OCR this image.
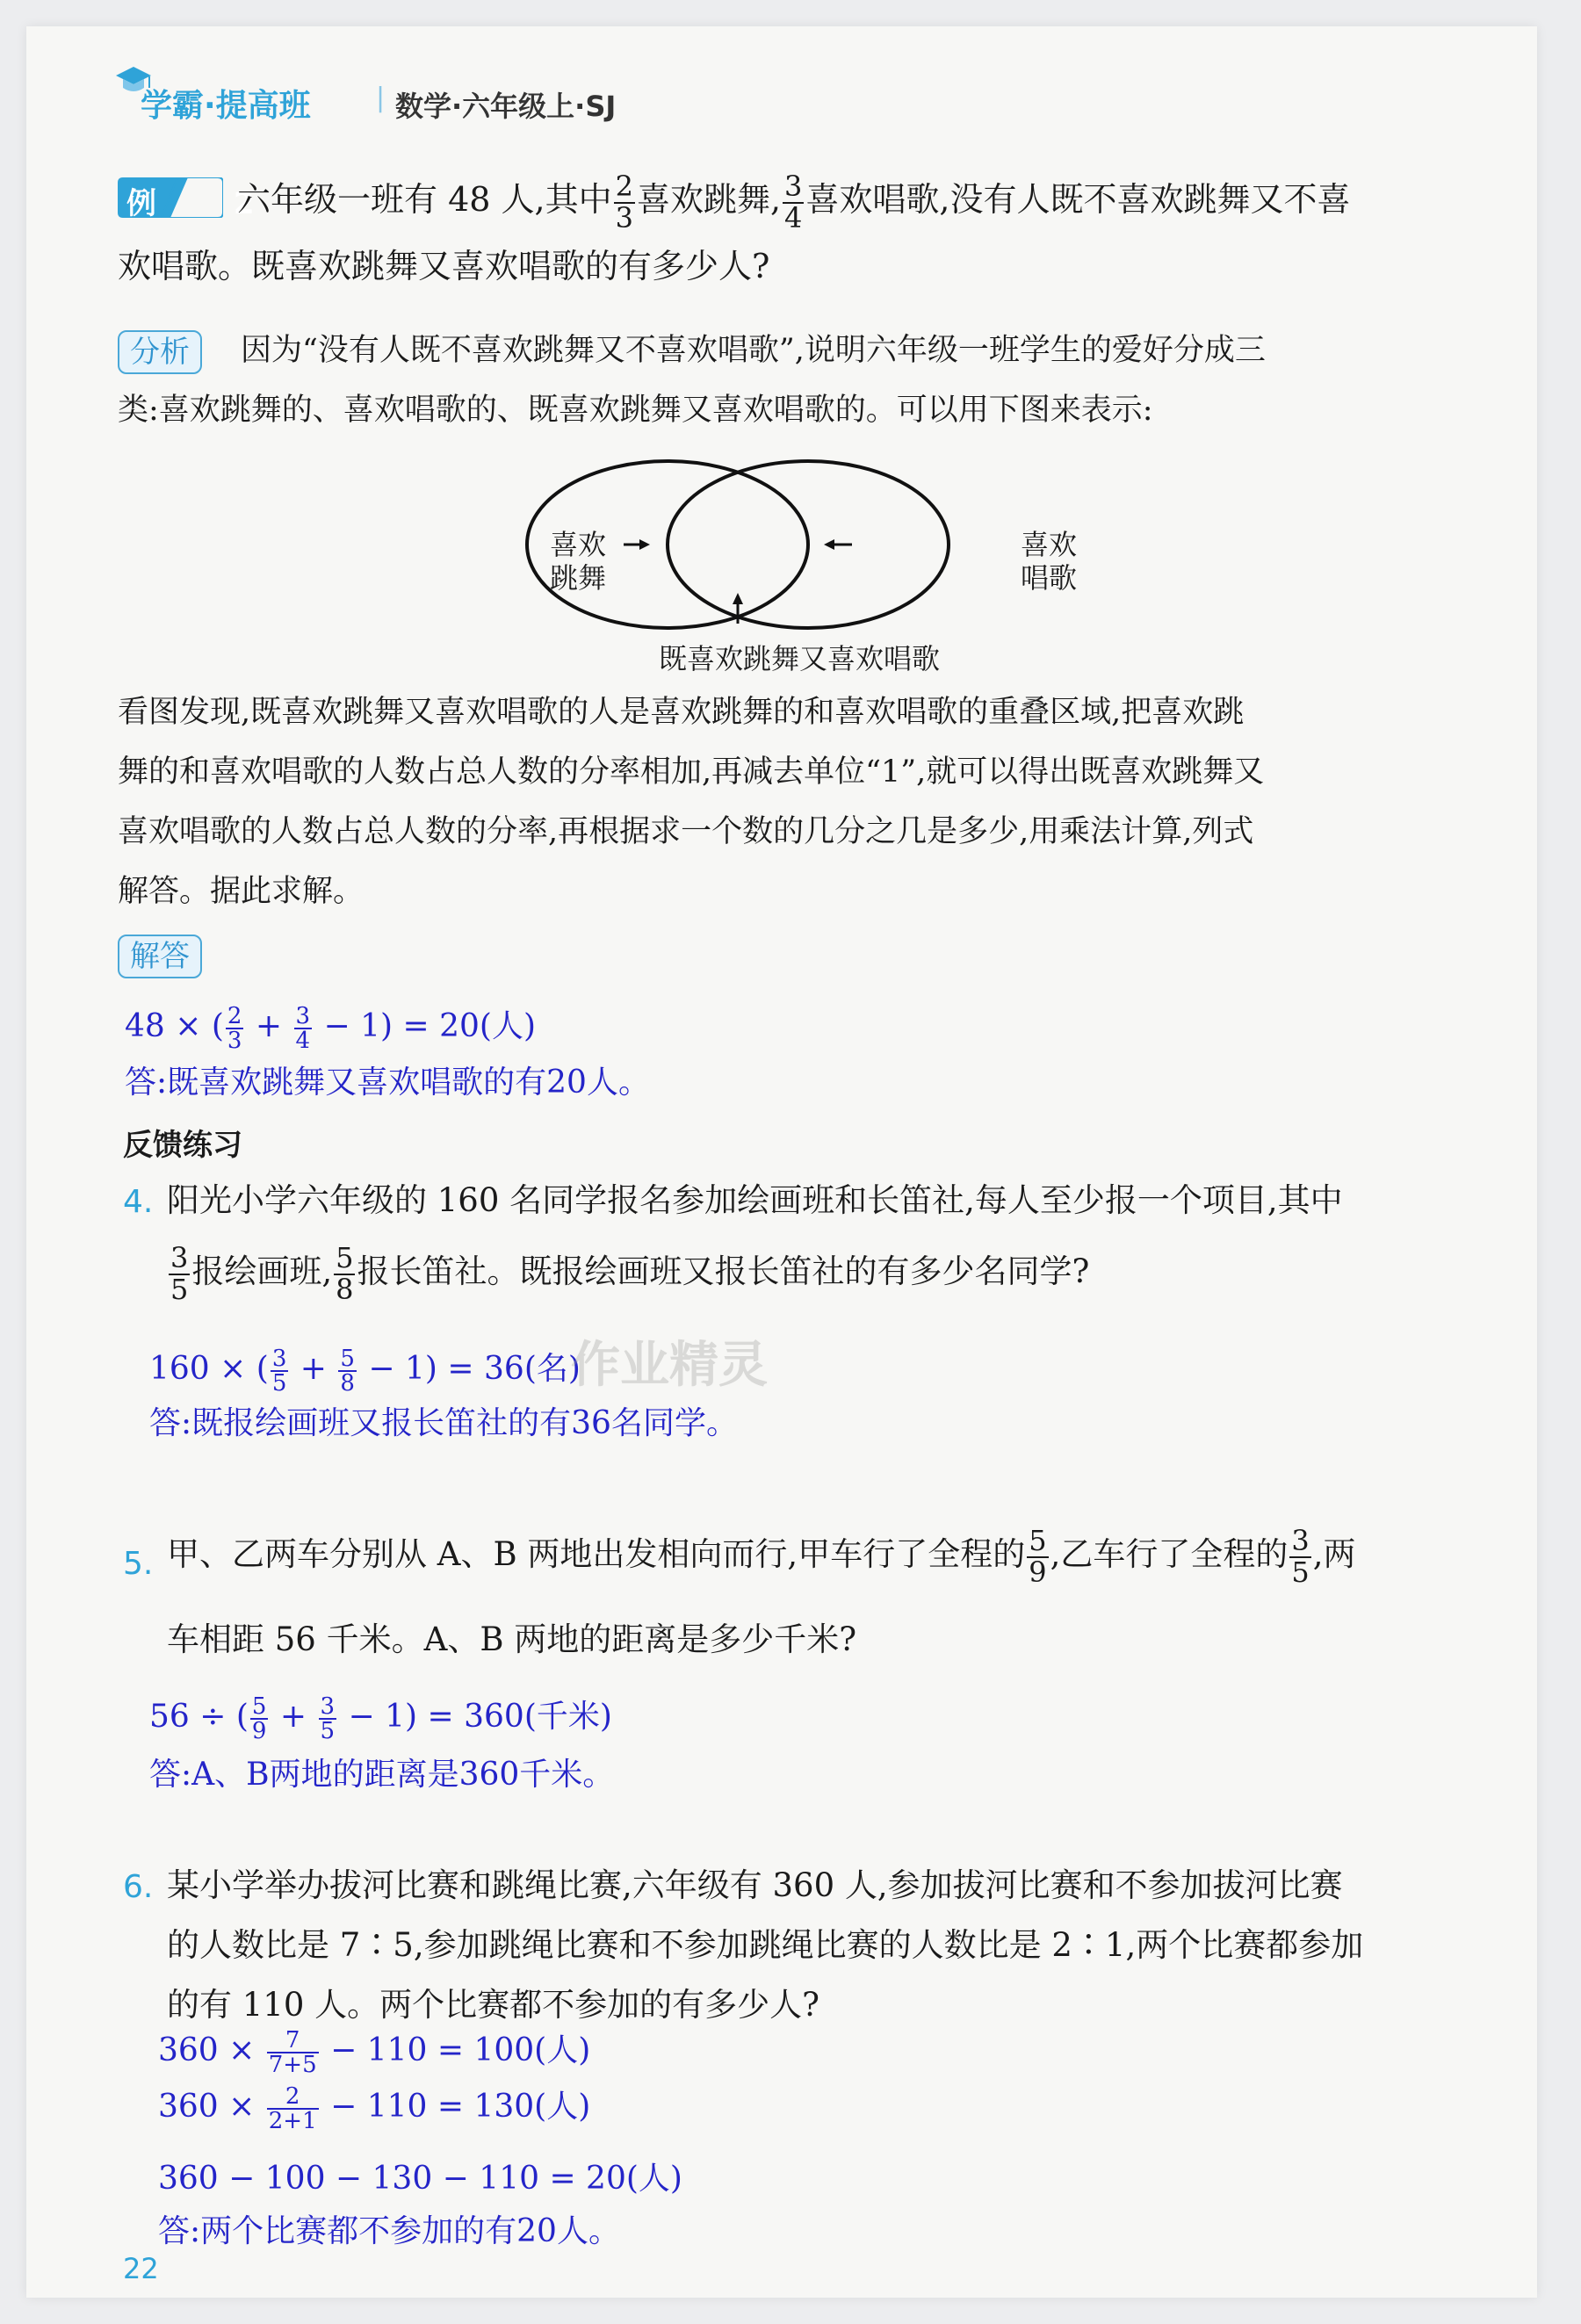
学霸·提高班 | 数学·六年级上·SJ
例 2
六年级一班有 48 人,其中 $\frac{2}{3}$ 喜欢跳舞, $\frac{3}{4}$ 喜欢唱歌,没有人既不喜欢跳舞又不喜
欢唱歌。既喜欢跳舞又喜欢唱歌的有多少人?
分析	因为“没有人既不喜欢跳舞又不喜欢唱歌”,说明六年级一班学生的爱好分成三
类:喜欢跳舞的、喜欢唱歌的、既喜欢跳舞又喜欢唱歌的。可以用下图来表示:
喜欢
跳舞
喜欢
唱歌
既喜欢跳舞又喜欢唱歌
看图发现,既喜欢跳舞又喜欢唱歌的人是喜欢跳舞的和喜欢唱歌的重叠区域,把喜欢跳
舞的和喜欢唱歌的人数占总人数的分率相加,再减去单位“1”,就可以得出既喜欢跳舞又
喜欢唱歌的人数占总人数的分率,再根据求一个数的几分之几是多少,用乘法计算,列式
解答。据此求解。
解答
48 × ( $\frac{2}{3} + \frac{3}{4} - 1) = 20$(人)
答:既喜欢跳舞又喜欢唱歌的有20人。
反馈练习
4. 阳光小学六年级的 160 名同学报名参加绘画班和长笛社,每人至少报一个项目,其中
$\frac{3}{5}$ 报绘画班, $\frac{5}{8}$ 报长笛社。既报绘画班又报长笛社的有多少名同学?
160 × ( $\frac{3}{5} + \frac{5}{8} - 1) = 36$(名)
答:既报绘画班又报长笛社的有36名同学。
作业精灵
5. 甲、乙两车分别从 A、B 两地出发相向而行,甲车行了全程的 $\frac{5}{9}$ ,乙车行了全程的 $\frac{3}{5}$ ,两
车相距 56 千米。A、B 两地的距离是多少千米?
56 ÷ ( $\frac{5}{9} + \frac{3}{5} - 1) = 360$(千米)
答:A、B两地的距离是360千米。
6. 某小学举办拔河比赛和跳绳比赛,六年级有 360 人,参加拔河比赛和不参加拔河比赛
的人数比是 7∶5,参加跳绳比赛和不参加跳绳比赛的人数比是 2∶1,两个比赛都参加
的有 110 人。两个比赛都不参加的有多少人?
$360 \times \frac{7}{7+5} - 110 = 100$(人)
$360 \times \frac{2}{2+1} - 110 = 130$(人)
360 − 100 − 130 − 110 = 20(人)
答:两个比赛都不参加的有20人。
22
